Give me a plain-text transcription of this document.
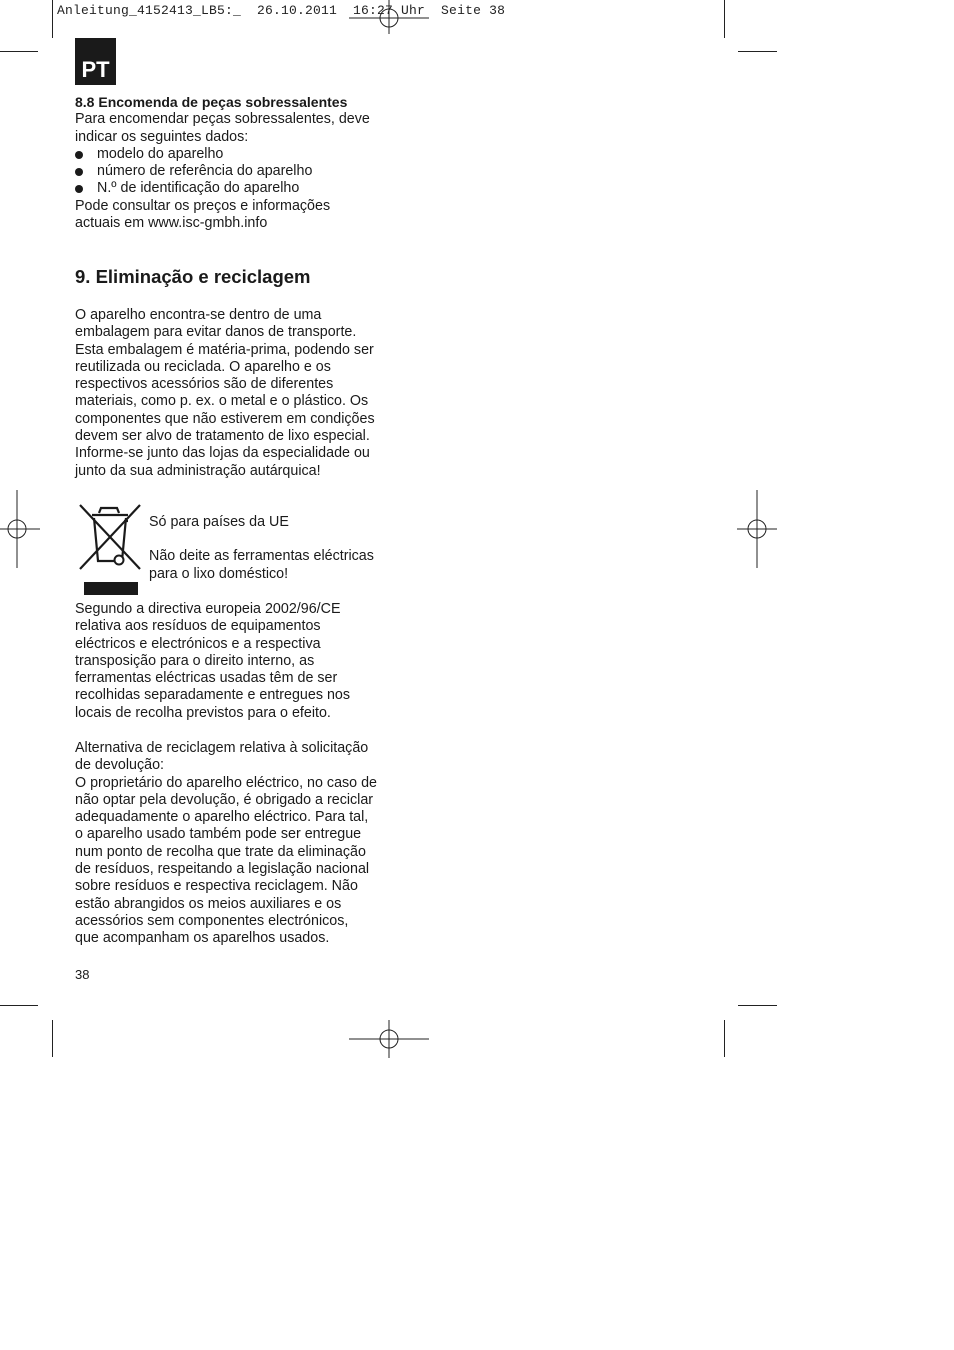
Anleitung_4152413_LB5:_  26.10.2011  16:27 Uhr  Seite 38
PT

8.8 Encomenda de peças sobressalentes

Para encomendar peças sobressalentes, deve

indicar os seguintes dados:

modelo do aparelho
número de referência do aparelho
N.º de identificação do aparelho

Pode consultar os preços e informações

actuais em www.isc-gmbh.info

9. Eliminação e reciclagem

O aparelho encontra-se dentro de uma

embalagem para evitar danos de transporte.

Esta embalagem é matéria-prima, podendo ser

reutilizada ou reciclada. O aparelho e os

respectivos acessórios são de diferentes

materiais, como p. ex. o metal e o plástico. Os

componentes que não estiverem em condições

devem ser alvo de tratamento de lixo especial.

Informe-se junto das lojas da especialidade ou

junto da sua administração autárquica!

Só para países da UE

Não deite as ferramentas eléctricas

para o lixo doméstico!

Segundo a directiva europeia 2002/96/CE

relativa aos resíduos de equipamentos

eléctricos e electrónicos e a respectiva

transposição para o direito interno, as

ferramentas eléctricas usadas têm de ser

recolhidas separadamente e entregues nos

locais de recolha previstos para o efeito.

Alternativa de reciclagem relativa à solicitação

de devolução:

O proprietário do aparelho eléctrico, no caso de

não optar pela devolução, é obrigado a reciclar

adequadamente o aparelho eléctrico. Para tal,

o aparelho usado também pode ser entregue

num ponto de recolha que trate da eliminação

de resíduos, respeitando a legislação nacional

sobre resíduos e respectiva reciclagem. Não

estão abrangidos os meios auxiliares e os

acessórios sem componentes electrónicos,

que acompanham os aparelhos usados.

38
